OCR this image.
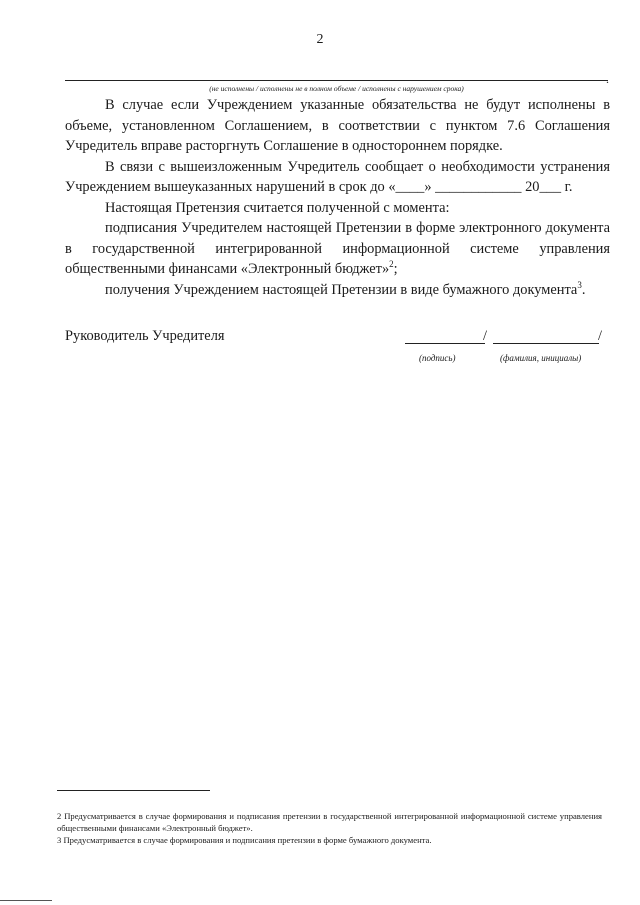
2
.
(не исполнены / исполнены не в полном объеме / исполнены с нарушением срока)

В случае если Учреждением указанные обязательства не будут исполнены в объеме, установленном Соглашением, в соответствии с пунктом 7.6 Соглашения Учредитель вправе расторгнуть Соглашение в одностороннем порядке.

В связи с вышеизложенным Учредитель сообщает о необходимости устранения Учреждением вышеуказанных нарушений в срок до «____» ____________ 20___ г.

Настоящая Претензия считается полученной с момента:

подписания Учредителем настоящей Претензии в форме электронного документа в государственной интегрированной информационной системе управления общественными финансами «Электронный бюджет»$^2$;

получения Учреждением настоящей Претензии в виде бумажного документа$^3$.

Руководитель Учредителя	/	/
(подпись)	(фамилия, инициалы)

2 Предусматривается в случае формирования и подписания претензии в государственной интегрированной информационной системе управления общественными финансами «Электронный бюджет».

3 Предусматривается в случае формирования и подписания претензии в форме бумажного документа.
